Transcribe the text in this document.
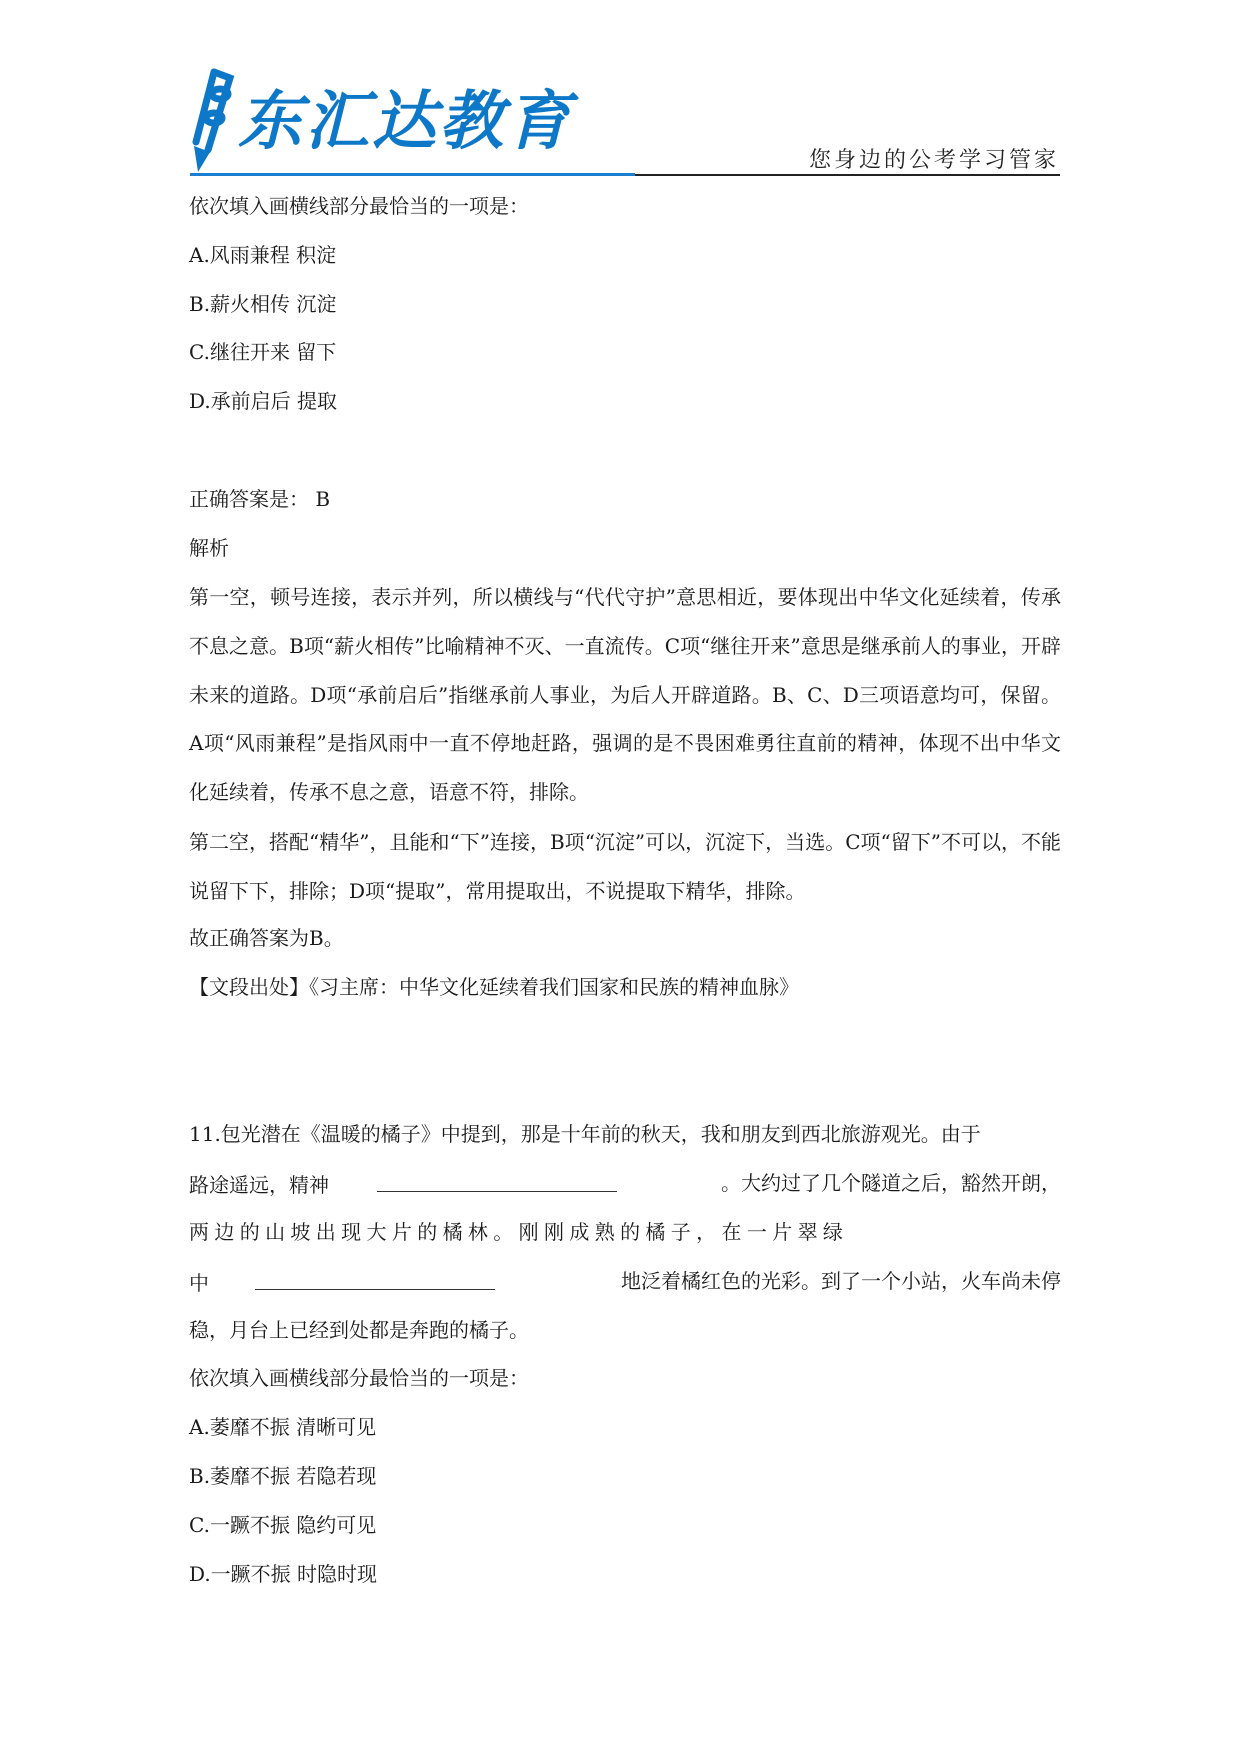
东汇达教育
您身边的公考学习管家
依次填入画横线部分最恰当的一项是：
A.风雨兼程 积淀
B.薪火相传 沉淀
C.继往开来 留下
D.承前启后 提取
正确答案是： B
解析
第一空，顿号连接，表示并列，所以横线与“代代守护”意思相近，要体现出中华文化延续着，传承不息之意。B项“薪火相传”比喻精神不灭、一直流传。C项“继往开来”意思是继承前人的事业，开辟未来的道路。D项“承前启后”指继承前人事业，为后人开辟道路。B、C、D三项语意均可，保留。A项“风雨兼程”是指风雨中一直不停地赶路，强调的是不畏困难勇往直前的精神，体现不出中华文化延续着，传承不息之意，语意不符，排除。
第二空，搭配“精华”，且能和“下”连接，B项“沉淀”可以，沉淀下，当选。C项“留下”不可以，不能说留下下，排除；D项“提取”，常用提取出，不说提取下精华，排除。
故正确答案为B。
【文段出处】《习主席：中华文化延续着我们国家和民族的精神血脉》
11.包光潜在《温暖的橘子》中提到，那是十年前的秋天，我和朋友到西北旅游观光。由于
路途遥远，精神	。大约过了几个隧道之后，豁然开朗，
两 边 的 山 坡 出 现 大 片 的 橘 林 。 刚 刚 成 熟 的 橘 子 ， 在 一 片 翠 绿
中	地泛着橘红色的光彩。到了一个小站，火车尚未停
稳，月台上已经到处都是奔跑的橘子。
依次填入画横线部分最恰当的一项是：
A.萎靡不振 清晰可见
B.萎靡不振 若隐若现
C.一蹶不振 隐约可见
D.一蹶不振 时隐时现
